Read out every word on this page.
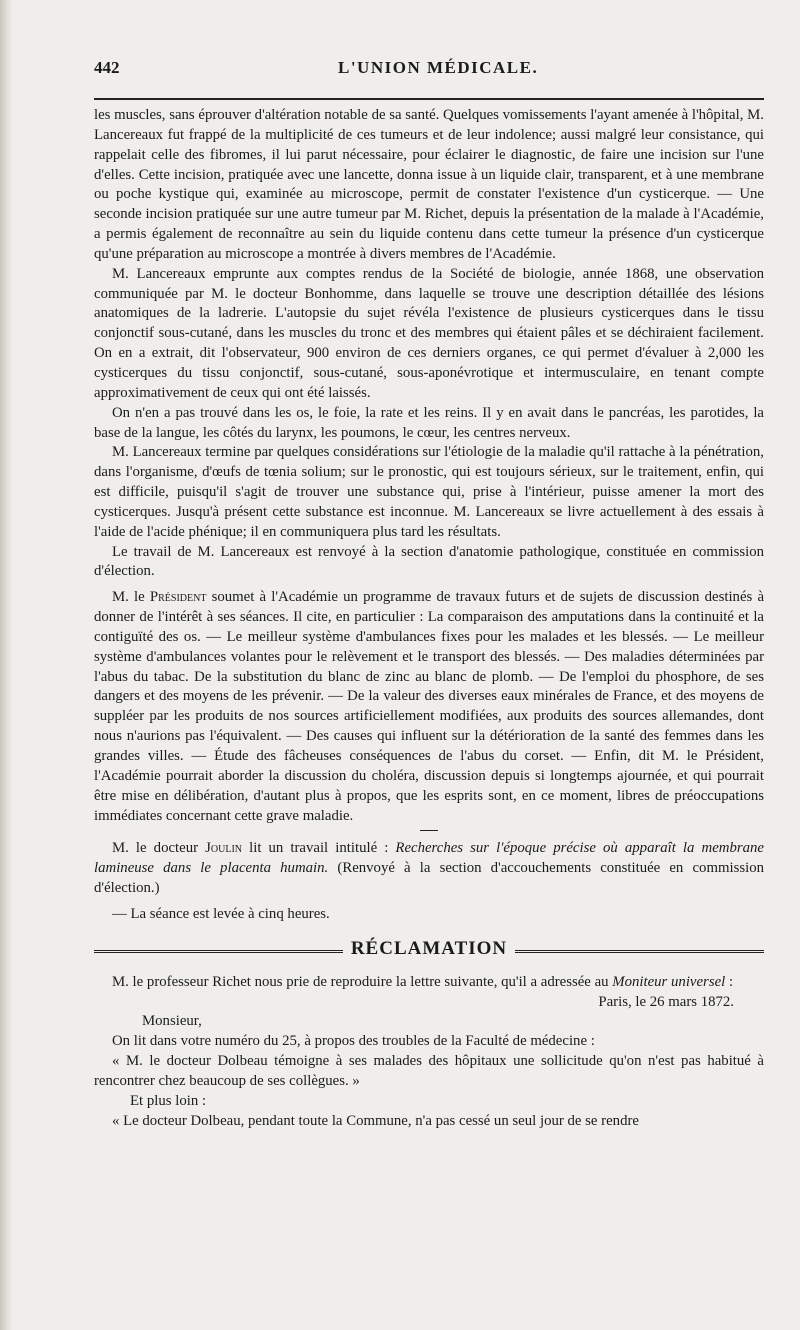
442	L'UNION MÉDICALE.

les muscles, sans éprouver d'altération notable de sa santé. Quelques vomissements l'ayant amenée à l'hôpital, M. Lancereaux fut frappé de la multiplicité de ces tumeurs et de leur indolence; aussi malgré leur consistance, qui rappelait celle des fibromes, il lui parut nécessaire, pour éclairer le diagnostic, de faire une incision sur l'une d'elles. Cette incision, pratiquée avec une lancette, donna issue à un liquide clair, transparent, et à une membrane ou poche kystique qui, examinée au microscope, permit de constater l'existence d'un cysticerque. — Une seconde incision pratiquée sur une autre tumeur par M. Richet, depuis la présentation de la malade à l'Académie, a permis également de reconnaître au sein du liquide contenu dans cette tumeur la présence d'un cysticerque qu'une préparation au microscope a montrée à divers membres de l'Académie.

M. Lancereaux emprunte aux comptes rendus de la Société de biologie, année 1868, une observation communiquée par M. le docteur Bonhomme, dans laquelle se trouve une description détaillée des lésions anatomiques de la ladrerie. L'autopsie du sujet révéla l'existence de plusieurs cysticerques dans le tissu conjonctif sous-cutané, dans les muscles du tronc et des membres qui étaient pâles et se déchiraient facilement. On en a extrait, dit l'observateur, 900 environ de ces derniers organes, ce qui permet d'évaluer à 2,000 les cysticerques du tissu conjonctif, sous-cutané, sous-aponévrotique et intermusculaire, en tenant compte approximativement de ceux qui ont été laissés.

On n'en a pas trouvé dans les os, le foie, la rate et les reins. Il y en avait dans le pancréas, les parotides, la base de la langue, les côtés du larynx, les poumons, le cœur, les centres nerveux.

M. Lancereaux termine par quelques considérations sur l'étiologie de la maladie qu'il rattache à la pénétration, dans l'organisme, d'œufs de tœnia solium; sur le pronostic, qui est toujours sérieux, sur le traitement, enfin, qui est difficile, puisqu'il s'agit de trouver une substance qui, prise à l'intérieur, puisse amener la mort des cysticerques. Jusqu'à présent cette substance est inconnue. M. Lancereaux se livre actuellement à des essais à l'aide de l'acide phénique; il en communiquera plus tard les résultats.

Le travail de M. Lancereaux est renvoyé à la section d'anatomie pathologique, constituée en commission d'élection.

M. le Président soumet à l'Académie un programme de travaux futurs et de sujets de discussion destinés à donner de l'intérêt à ses séances. Il cite, en particulier : La comparaison des amputations dans la continuité et la contiguïté des os. — Le meilleur système d'ambulances fixes pour les malades et les blessés. — Le meilleur système d'ambulances volantes pour le relèvement et le transport des blessés. — Des maladies déterminées par l'abus du tabac. De la substitution du blanc de zinc au blanc de plomb. — De l'emploi du phosphore, de ses dangers et des moyens de les prévenir. — De la valeur des diverses eaux minérales de France, et des moyens de suppléer par les produits de nos sources artificiellement modifiées, aux produits des sources allemandes, dont nous n'aurions pas l'équivalent. — Des causes qui influent sur la détérioration de la santé des femmes dans les grandes villes. — Étude des fâcheuses conséquences de l'abus du corset. — Enfin, dit M. le Président, l'Académie pourrait aborder la discussion du choléra, discussion depuis si longtemps ajournée, et qui pourrait être mise en délibération, d'autant plus à propos, que les esprits sont, en ce moment, libres de préoccupations immédiates concernant cette grave maladie.

M. le docteur Joulin lit un travail intitulé : Recherches sur l'époque précise où apparaît la membrane lamineuse dans le placenta humain. (Renvoyé à la section d'accouchements constituée en commission d'élection.)

— La séance est levée à cinq heures.

RÉCLAMATION

M. le professeur Richet nous prie de reproduire la lettre suivante, qu'il a adressée au Moniteur universel :

Paris, le 26 mars 1872.

Monsieur,

On lit dans votre numéro du 25, à propos des troubles de la Faculté de médecine :

« M. le docteur Dolbeau témoigne à ses malades des hôpitaux une sollicitude qu'on n'est pas habitué à rencontrer chez beaucoup de ses collègues. »

Et plus loin :

« Le docteur Dolbeau, pendant toute la Commune, n'a pas cessé un seul jour de se rendre
